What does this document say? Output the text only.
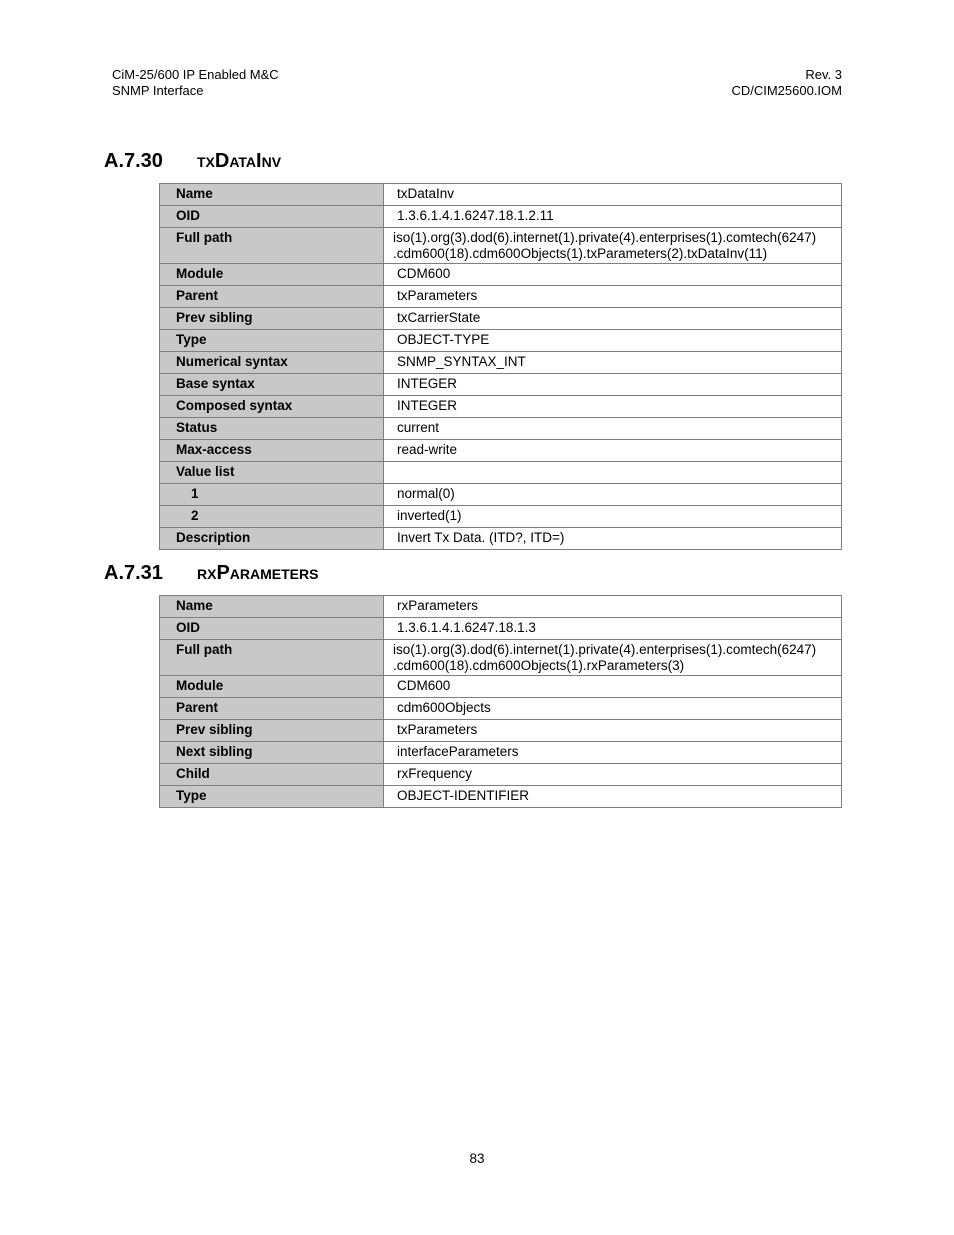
CiM-25/600 IP Enabled M&C
SNMP Interface
Rev. 3
CD/CIM25600.IOM
A.7.30 txDataInv
Name	txDataInv
OID	1.3.6.1.4.1.6247.18.1.2.11
Full path	iso(1).org(3).dod(6).internet(1).private(4).enterprises(1).comtech(6247) .cdm600(18).cdm600Objects(1).txParameters(2).txDataInv(11)
Module	CDM600
Parent	txParameters
Prev sibling	txCarrierState
Type	OBJECT-TYPE
Numerical syntax	SNMP_SYNTAX_INT
Base syntax	INTEGER
Composed syntax	INTEGER
Status	current
Max-access	read-write
Value list	
1	normal(0)
2	inverted(1)
Description	Invert Tx Data. (ITD?, ITD=)
A.7.31 rxParameters
Name	rxParameters
OID	1.3.6.1.4.1.6247.18.1.3
Full path	iso(1).org(3).dod(6).internet(1).private(4).enterprises(1).comtech(6247) .cdm600(18).cdm600Objects(1).rxParameters(3)
Module	CDM600
Parent	cdm600Objects
Prev sibling	txParameters
Next sibling	interfaceParameters
Child	rxFrequency
Type	OBJECT-IDENTIFIER
83
